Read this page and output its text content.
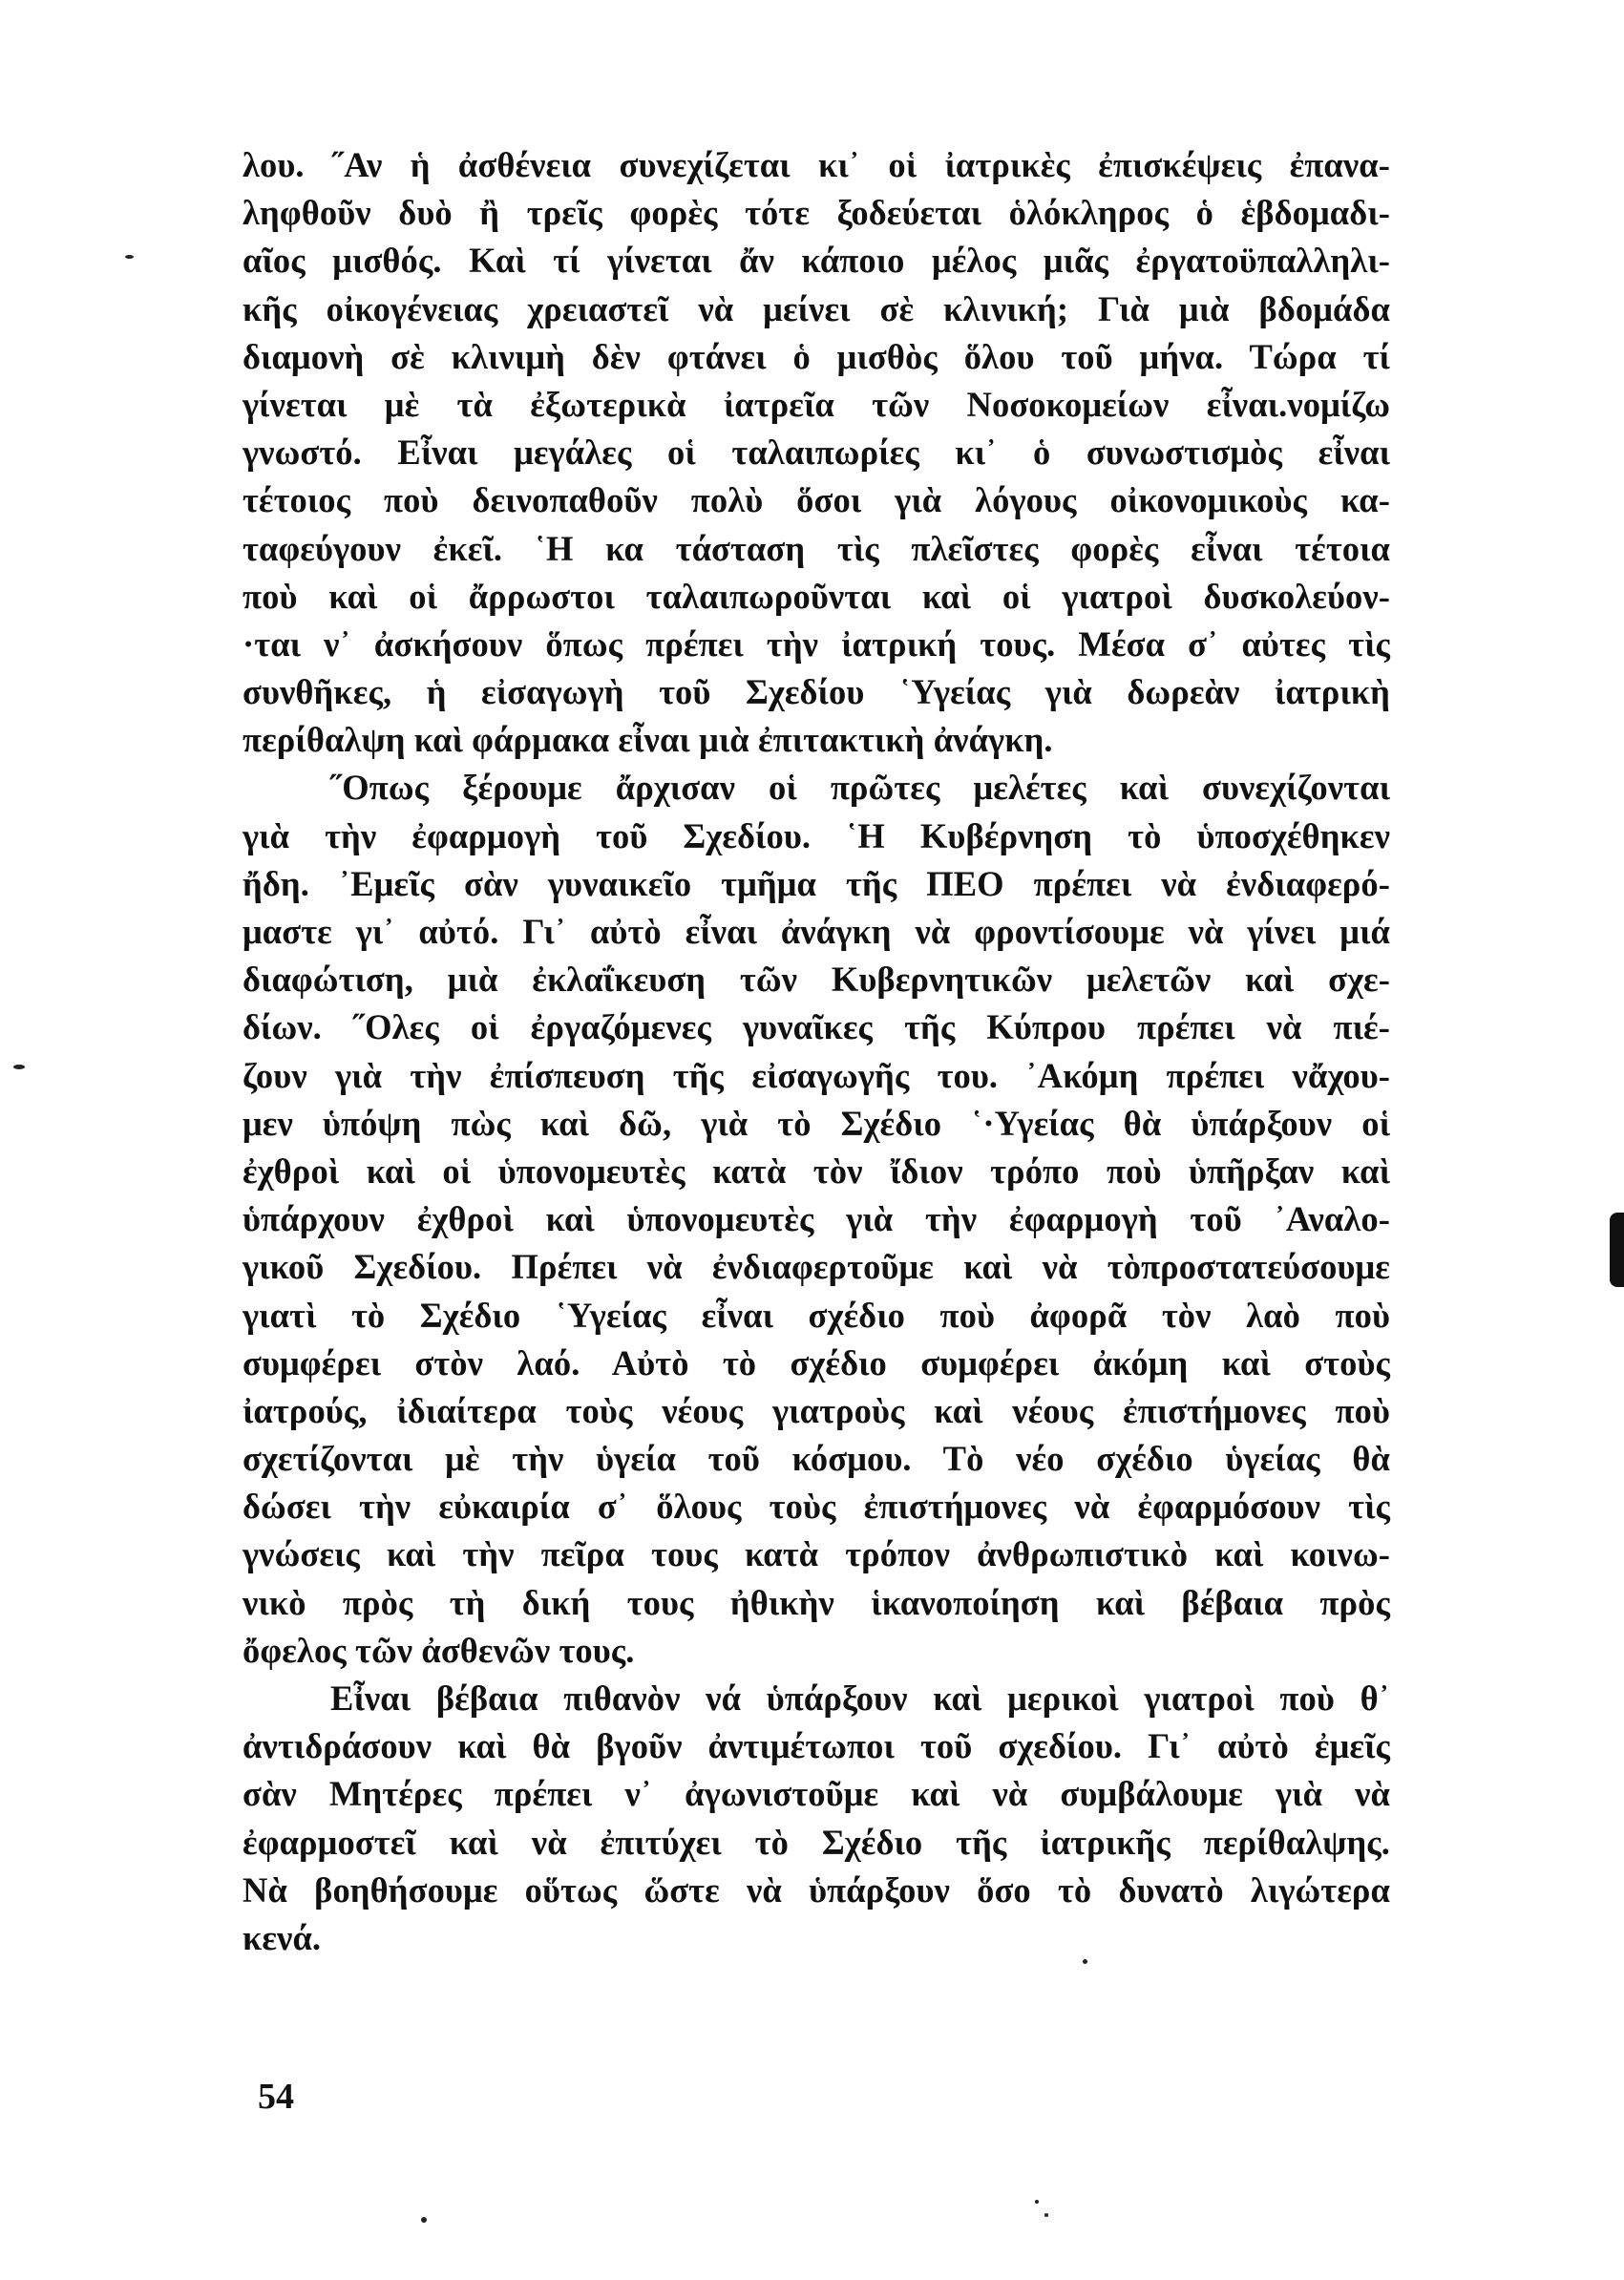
λου. ˝Αν ἡ ἀσθένεια συνεχίζεται κι᾽ οἱ ἰατρικὲς ἐπισκέψεις ἐπανα-
ληφθοῦν δυὸ ἢ τρεῖς φορὲς τότε ξοδεύεται ὁλόκληρος ὁ ἑβδομαδι-
αῖος μισθός. Καὶ τί γίνεται ἄν κάποιο μέλος μιᾶς ἐργατοϋπαλληλι-
κῆς οἰκογένειας χρειαστεῖ νὰ μείνει σὲ κλινική; Γιὰ μιὰ βδομάδα
διαμονὴ σὲ κλινιμὴ δὲν φτάνει ὁ μισθὸς ὅλου τοῦ μήνα. Τώρα τί
γίνεται μὲ τὰ ἐξωτερικὰ ἰατρεῖα τῶν Νοσοκομείων εἶναι.νομίζω
γνωστό. Εἶναι μεγάλες οἱ ταλαιπωρίες κι᾽ ὁ συνωστισμὸς εἶναι
τέτοιος ποὺ δεινοπαθοῦν πολὺ ὅσοι γιὰ λόγους οἰκονομικοὺς κα-
ταφεύγουν ἐκεῖ. ῾Η κα τάσταση τὶς πλεῖστες φορὲς εἶναι τέτοια
ποὺ καὶ οἱ ἄρρωστοι ταλαιπωροῦνται καὶ οἱ γιατροὶ δυσκολεύον-
·ται ν᾽ ἀσκήσουν ὅπως πρέπει τὴν ἰατρική τους. Μέσα σ᾽ αὐτες τὶς
συνθῆκες, ἡ εἰσαγωγὴ τοῦ Σχεδίου ῾Υγείας γιὰ δωρεὰν ἰατρικὴ
περίθαλψη καὶ φάρμακα εἶναι μιὰ ἐπιτακτικὴ ἀνάγκη.
˝Οπως ξέρουμε ἄρχισαν οἱ πρῶτες μελέτες καὶ συνεχίζονται
γιὰ τὴν ἐφαρμογὴ τοῦ Σχεδίου. ῾Η Κυβέρνηση τὸ ὑποσχέθηκεν
ἤδη. ᾽Εμεῖς σὰν γυναικεῖο τμῆμα τῆς ΠΕΟ πρέπει νὰ ἐνδιαφερό-
μαστε γι᾽ αὐτό. Γι᾽ αὐτὸ εἶναι ἀνάγκη νὰ φροντίσουμε νὰ γίνει μιά
διαφώτιση, μιὰ ἐκλαΐκευση τῶν Κυβερνητικῶν μελετῶν καὶ σχε-
δίων. ˝Ολες οἱ ἐργαζόμενες γυναῖκες τῆς Κύπρου πρέπει νὰ πιέ-
ζουν γιὰ τὴν ἐπίσπευση τῆς εἰσαγωγῆς του. ᾽Ακόμη πρέπει νἄχου-
μεν ὑπόψη πὼς καὶ δῶ, γιὰ τὸ Σχέδιο ῾·Υγείας θὰ ὑπάρξουν οἱ
ἐχθροὶ καὶ οἱ ὑπονομευτὲς κατὰ τὸν ἴδιον τρόπο ποὺ ὑπῆρξαν καὶ
ὑπάρχουν ἐχθροὶ καὶ ὑπονομευτὲς γιὰ τὴν ἐφαρμογὴ τοῦ ᾽Αναλο-
γικοῦ Σχεδίου. Πρέπει νὰ ἐνδιαφερτοῦμε καὶ νὰ τὸπροστατεύσουμε
γιατὶ τὸ Σχέδιο ῾Υγείας εἶναι σχέδιο ποὺ ἀφορᾶ τὸν λαὸ ποὺ
συμφέρει στὸν λαό. Αὐτὸ τὸ σχέδιο συμφέρει ἀκόμη καὶ στοὺς
ἰατρούς, ἰδιαίτερα τοὺς νέους γιατροὺς καὶ νέους ἐπιστήμονες ποὺ
σχετίζονται μὲ τὴν ὑγεία τοῦ κόσμου. Τὸ νέο σχέδιο ὑγείας θὰ
δώσει τὴν εὐκαιρία σ᾽ ὅλους τοὺς ἐπιστήμονες νὰ ἐφαρμόσουν τὶς
γνώσεις καὶ τὴν πεῖρα τους κατὰ τρόπον ἀνθρωπιστικὸ καὶ κοινω-
νικὸ πρὸς τὴ δική τους ἠθικὴν ἱκανοποίηση καὶ βέβαια πρὸς
ὄφελος τῶν ἀσθενῶν τους.
Εἶναι βέβαια πιθανὸν νά ὑπάρξουν καὶ μερικοὶ γιατροὶ ποὺ θ᾽
ἀντιδράσουν καὶ θὰ βγοῦν ἀντιμέτωποι τοῦ σχεδίου. Γι᾽ αὐτὸ ἐμεῖς
σὰν Μητέρες πρέπει ν᾽ ἀγωνιστοῦμε καὶ νὰ συμβάλουμε γιὰ νὰ
ἐφαρμοστεῖ καὶ νὰ ἐπιτύχει τὸ Σχέδιο τῆς ἰατρικῆς περίθαλψης.
Νὰ βοηθήσουμε οὕτως ὥστε νὰ ὑπάρξουν ὅσο τὸ δυνατὸ λιγώτερα
κενά.
54
